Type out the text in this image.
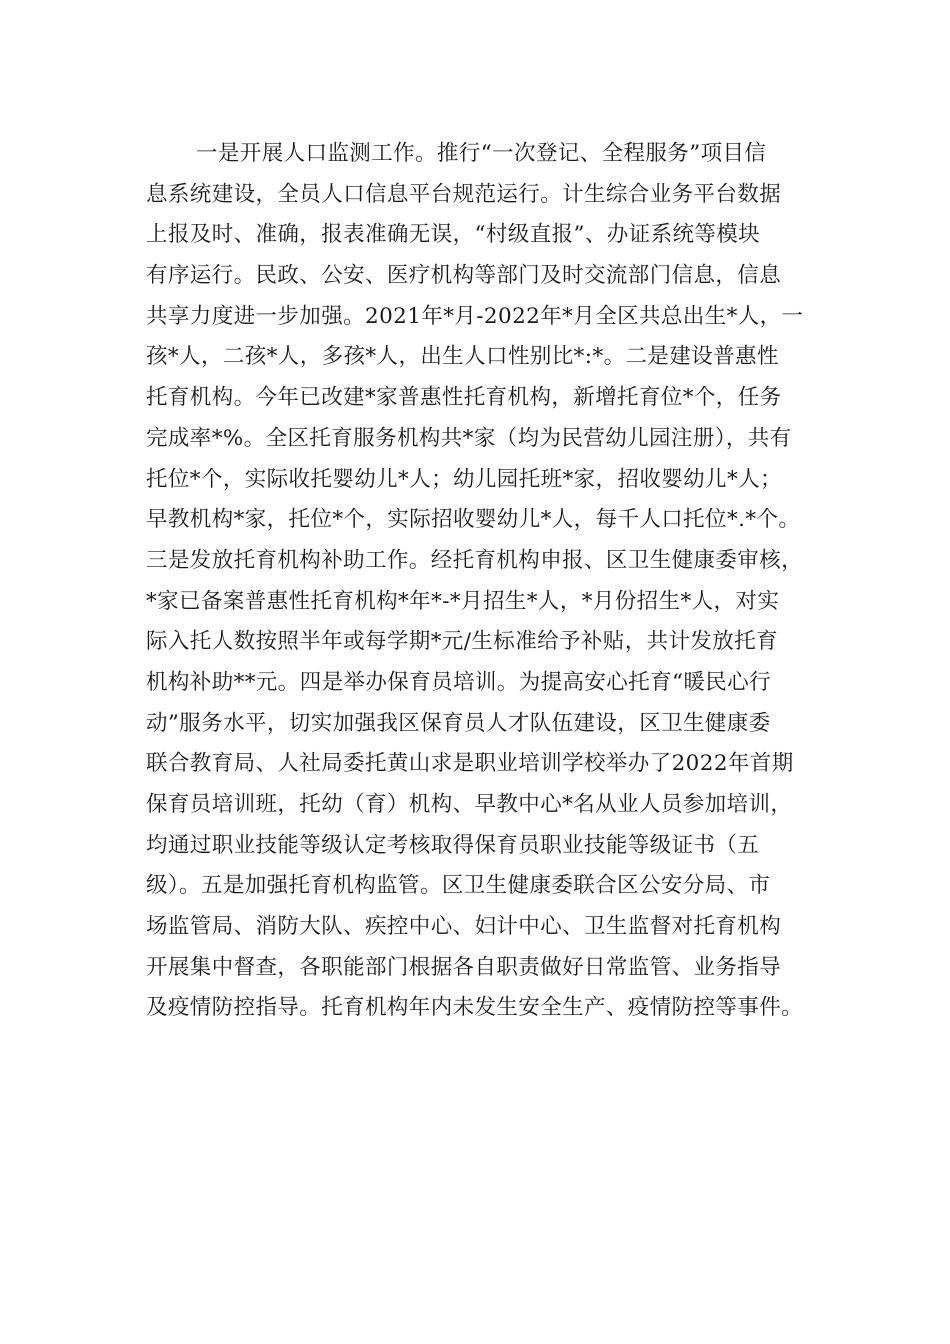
一是开展人口监测工作。推行“一次登记、全程服务”项目信
息系统建设，全员人口信息平台规范运行。计生综合业务平台数据
上报及时、准确，报表准确无误，“村级直报”、办证系统等模块
有序运行。民政、公安、医疗机构等部门及时交流部门信息，信息
共享力度进一步加强。2021年*月-2022年*月全区共总出生*人，一
孩*人，二孩*人，多孩*人，出生人口性别比*:*。二是建设普惠性
托育机构。今年已改建*家普惠性托育机构，新增托育位*个，任务
完成率*%。全区托育服务机构共*家（均为民营幼儿园注册），共有
托位*个，实际收托婴幼儿*人；幼儿园托班*家，招收婴幼儿*人；
早教机构*家，托位*个，实际招收婴幼儿*人，每千人口托位*.*个。
三是发放托育机构补助工作。经托育机构申报、区卫生健康委审核，
*家已备案普惠性托育机构*年*-*月招生*人，*月份招生*人，对实
际入托人数按照半年或每学期*元/生标准给予补贴，共计发放托育
机构补助**元。四是举办保育员培训。为提高安心托育“暖民心行
动”服务水平，切实加强我区保育员人才队伍建设，区卫生健康委
联合教育局、人社局委托黄山求是职业培训学校举办了2022年首期
保育员培训班，托幼（育）机构、早教中心*名从业人员参加培训，
均通过职业技能等级认定考核取得保育员职业技能等级证书（五
级）。五是加强托育机构监管。区卫生健康委联合区公安分局、市
场监管局、消防大队、疾控中心、妇计中心、卫生监督对托育机构
开展集中督查，各职能部门根据各自职责做好日常监管、业务指导
及疫情防控指导。托育机构年内未发生安全生产、疫情防控等事件。
